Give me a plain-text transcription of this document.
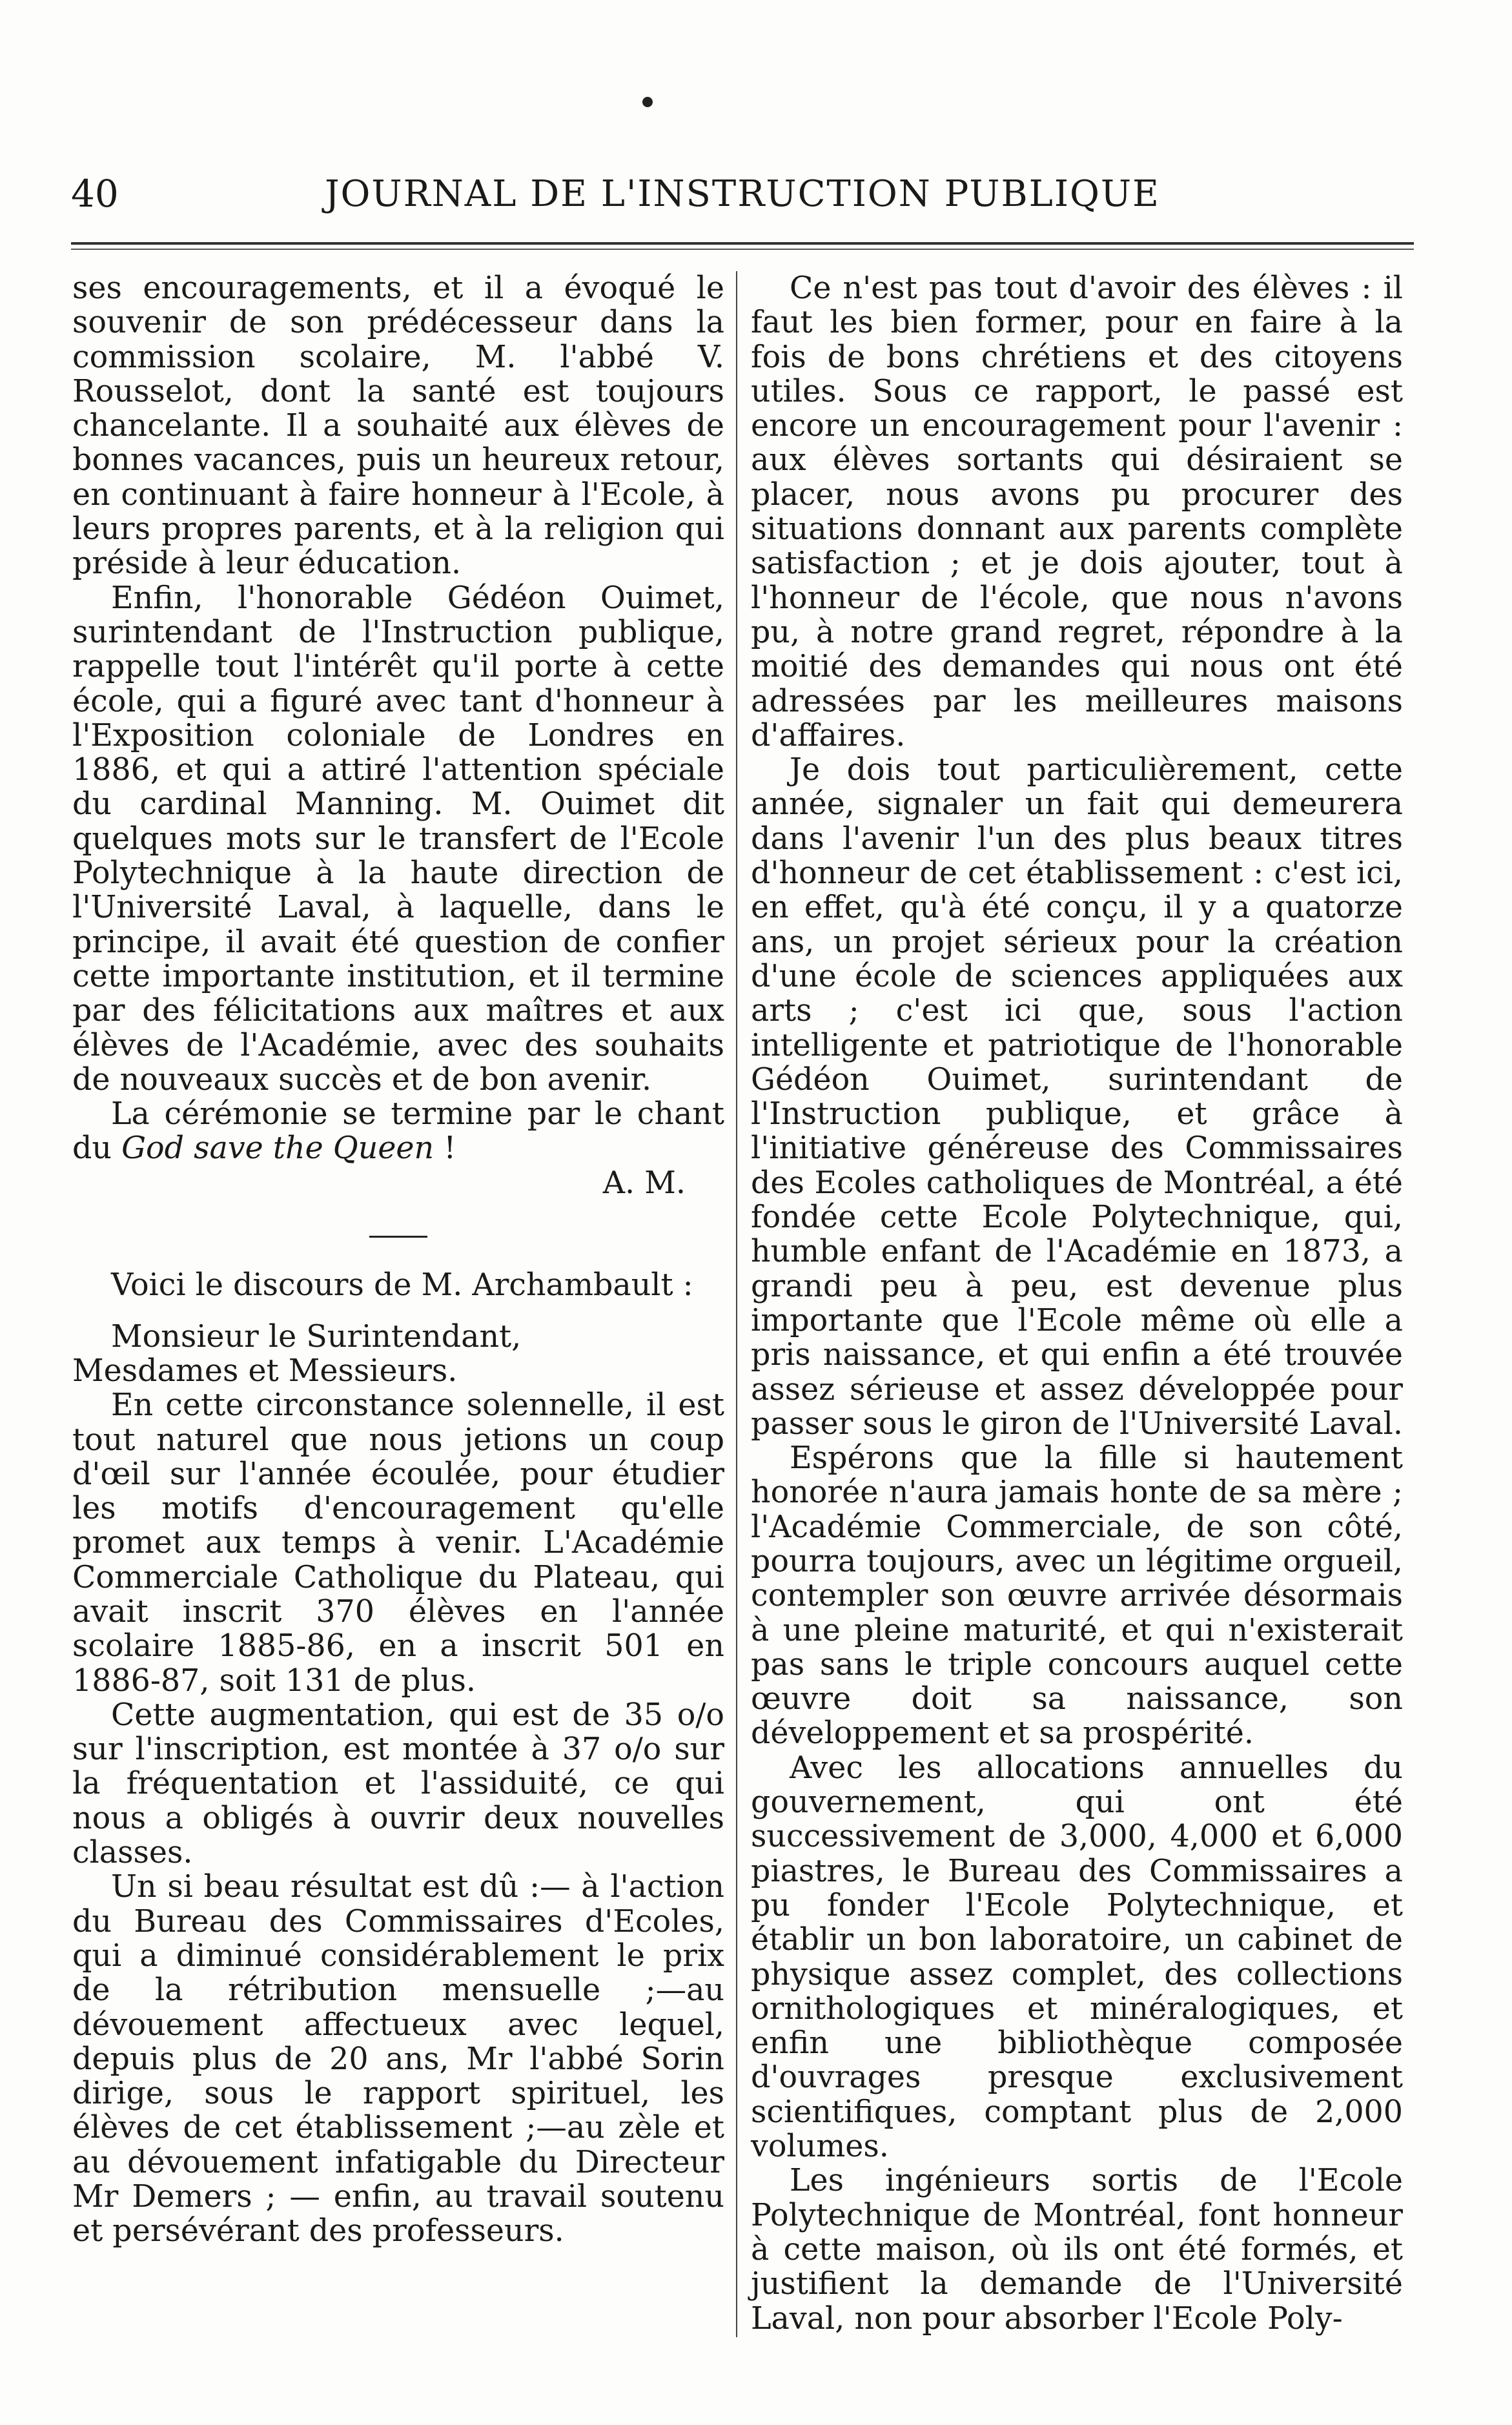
40	JOURNAL DE L'INSTRUCTION PUBLIQUE

ses encouragements, et il a évoqué le souvenir de son prédécesseur dans la commission scolaire, M. l'abbé V. Rousselot, dont la santé est toujours chancelante. Il a souhaité aux élèves de bonnes vacances, puis un heureux retour, en continuant à faire honneur à l'Ecole, à leurs propres parents, et à la religion qui préside à leur éducation.

Enfin, l'honorable Gédéon Ouimet, surintendant de l'Instruction publique, rappelle tout l'intérêt qu'il porte à cette école, qui a figuré avec tant d'honneur à l'Exposition coloniale de Londres en 1886, et qui a attiré l'attention spéciale du cardinal Manning. M. Ouimet dit quelques mots sur le transfert de l'Ecole Polytechnique à la haute direction de l'Université Laval, à laquelle, dans le principe, il avait été question de confier cette importante institution, et il termine par des félicitations aux maîtres et aux élèves de l'Académie, avec des souhaits de nouveaux succès et de bon avenir.

La cérémonie se termine par le chant du God save the Queen !

A. M.

Voici le discours de M. Archambault :

Monsieur le Surintendant,

Mesdames et Messieurs.

En cette circonstance solennelle, il est tout naturel que nous jetions un coup d'œil sur l'année écoulée, pour étudier les motifs d'encouragement qu'elle promet aux temps à venir. L'Académie Commerciale Catholique du Plateau, qui avait inscrit 370 élèves en l'année scolaire 1885-86, en a inscrit 501 en 1886-87, soit 131 de plus.

Cette augmentation, qui est de 35 o/o sur l'inscription, est montée à 37 o/o sur la fréquentation et l'assiduité, ce qui nous a obligés à ouvrir deux nouvelles classes.

Un si beau résultat est dû :— à l'action du Bureau des Commissaires d'Ecoles, qui a diminué considérablement le prix de la rétribution mensuelle ;—au dévouement affectueux avec lequel, depuis plus de 20 ans, Mr l'abbé Sorin dirige, sous le rapport spirituel, les élèves de cet établissement ;—au zèle et au dévouement infatigable du Directeur Mr Demers ; — enfin, au travail soutenu et persévérant des professeurs.

Ce n'est pas tout d'avoir des élèves : il faut les bien former, pour en faire à la fois de bons chrétiens et des citoyens utiles. Sous ce rapport, le passé est encore un encouragement pour l'avenir : aux élèves sortants qui désiraient se placer, nous avons pu procurer des situations donnant aux parents complète satisfaction ; et je dois ajouter, tout à l'honneur de l'école, que nous n'avons pu, à notre grand regret, répondre à la moitié des demandes qui nous ont été adressées par les meilleures maisons d'affaires.

Je dois tout particulièrement, cette année, signaler un fait qui demeurera dans l'avenir l'un des plus beaux titres d'honneur de cet établissement : c'est ici, en effet, qu'à été conçu, il y a quatorze ans, un projet sérieux pour la création d'une école de sciences appliquées aux arts ; c'est ici que, sous l'action intelligente et patriotique de l'honorable Gédéon Ouimet, surintendant de l'Instruction publique, et grâce à l'initiative généreuse des Commissaires des Ecoles catholiques de Montréal, a été fondée cette Ecole Polytechnique, qui, humble enfant de l'Académie en 1873, a grandi peu à peu, est devenue plus importante que l'Ecole même où elle a pris naissance, et qui enfin a été trouvée assez sérieuse et assez développée pour passer sous le giron de l'Université Laval.

Espérons que la fille si hautement honorée n'aura jamais honte de sa mère ; l'Académie Commerciale, de son côté, pourra toujours, avec un légitime orgueil, contempler son œuvre arrivée désormais à une pleine maturité, et qui n'existerait pas sans le triple concours auquel cette œuvre doit sa naissance, son développement et sa prospérité.

Avec les allocations annuelles du gouvernement, qui ont été successivement de 3,000, 4,000 et 6,000 piastres, le Bureau des Commissaires a pu fonder l'Ecole Polytechnique, et établir un bon laboratoire, un cabinet de physique assez complet, des collections ornithologiques et minéralogiques, et enfin une bibliothèque composée d'ouvrages presque exclusivement scientifiques, comptant plus de 2,000 volumes.

Les ingénieurs sortis de l'Ecole Polytechnique de Montréal, font honneur à cette maison, où ils ont été formés, et justifient la demande de l'Université Laval, non pour absorber l'Ecole Poly-
